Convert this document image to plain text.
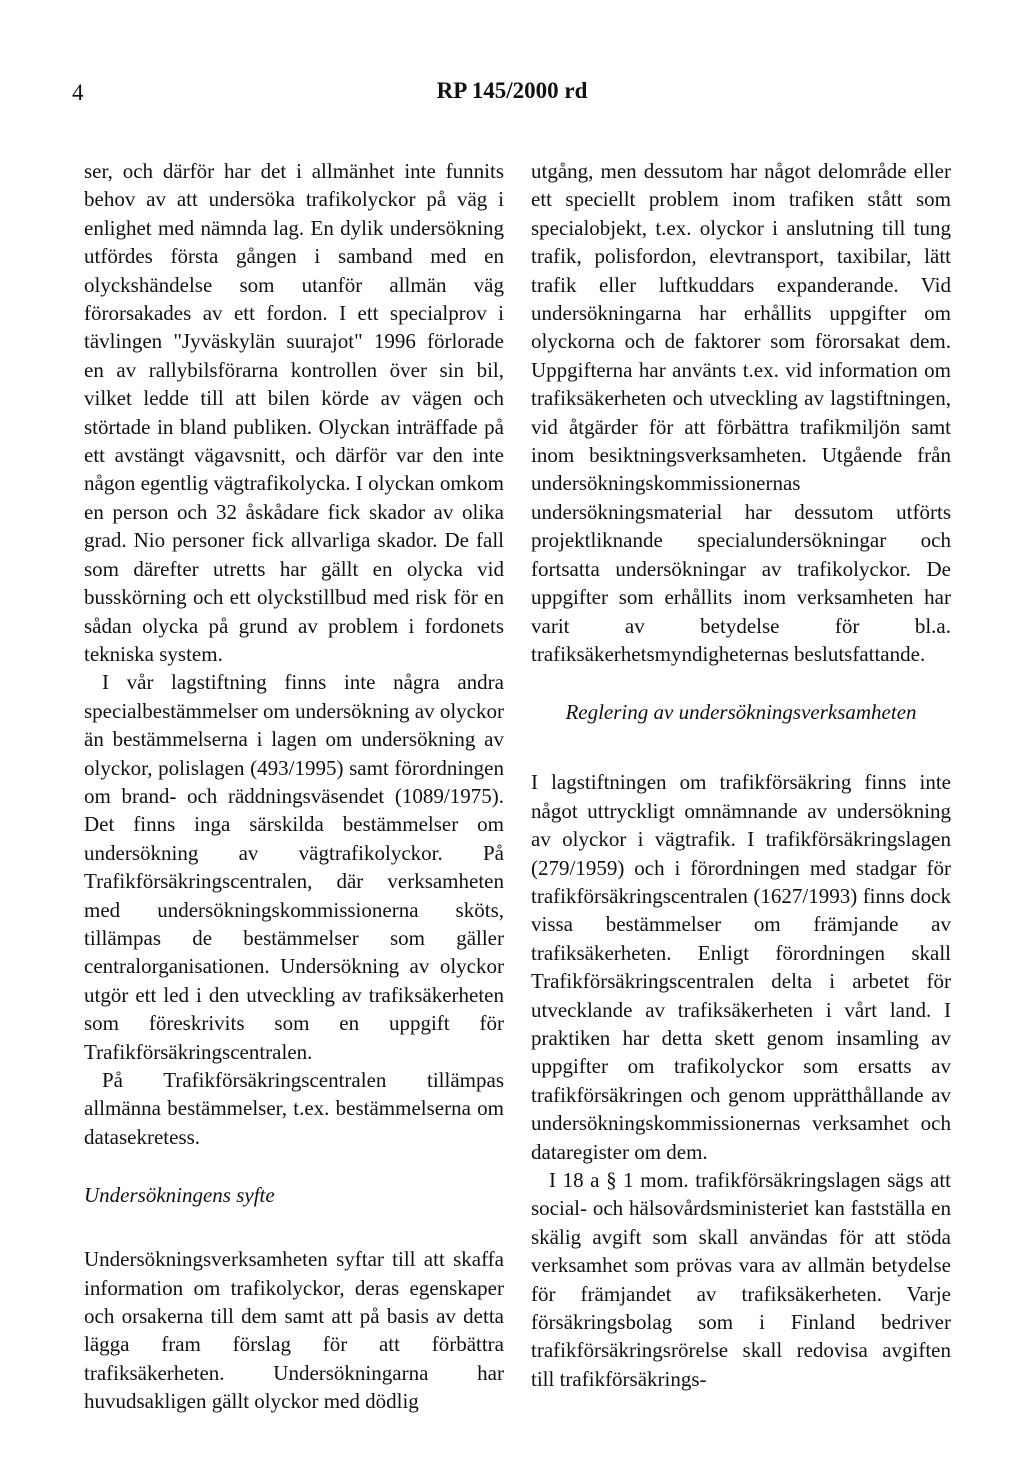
4	RP 145/2000 rd

ser, och därför har det i allmänhet inte funnits behov av att undersöka trafikolyckor på väg i enlighet med nämnda lag. En dylik undersökning utfördes första gången i samband med en olyckshändelse som utanför allmän väg förorsakades av ett fordon. I ett specialprov i tävlingen "Jyväskylän suurajot" 1996 förlorade en av rallybilsförarna kontrollen över sin bil, vilket ledde till att bilen körde av vägen och störtade in bland publiken. Olyckan inträffade på ett avstängt vägavsnitt, och därför var den inte någon egentlig vägtrafikolycka. I olyckan omkom en person och 32 åskådare fick skador av olika grad. Nio personer fick allvarliga skador. De fall som därefter utretts har gällt en olycka vid busskörning och ett olyckstillbud med risk för en sådan olycka på grund av problem i fordonets tekniska system.

I vår lagstiftning finns inte några andra specialbestämmelser om undersökning av olyckor än bestämmelserna i lagen om undersökning av olyckor, polislagen (493/1995) samt förordningen om brand- och räddningsväsendet (1089/1975). Det finns inga särskilda bestämmelser om undersökning av vägtrafikolyckor. På Trafikförsäkringscentralen, där verksamheten med undersökningskommissionerna sköts, tillämpas de bestämmelser som gäller centralorganisationen. Undersökning av olyckor utgör ett led i den utveckling av trafiksäkerheten som föreskrivits som en uppgift för Trafikförsäkringscentralen.

På Trafikförsäkringscentralen tillämpas allmänna bestämmelser, t.ex. bestämmelserna om datasekretess.

Undersökningens syfte

Undersökningsverksamheten syftar till att skaffa information om trafikolyckor, deras egenskaper och orsakerna till dem samt att på basis av detta lägga fram förslag för att förbättra trafiksäkerheten. Undersökningarna har huvudsakligen gällt olyckor med dödlig

utgång, men dessutom har något delområde eller ett speciellt problem inom trafiken stått som specialobjekt, t.ex. olyckor i anslutning till tung trafik, polisfordon, elevtransport, taxibilar, lätt trafik eller luftkuddars expanderande. Vid undersökningarna har erhållits uppgifter om olyckorna och de faktorer som förorsakat dem. Uppgifterna har använts t.ex. vid information om trafiksäkerheten och utveckling av lagstiftningen, vid åtgärder för att förbättra trafikmiljön samt inom besiktningsverksamheten. Utgående från undersökningskommissionernas undersökningsmaterial har dessutom utförts projektliknande specialundersökningar och fortsatta undersökningar av trafikolyckor. De uppgifter som erhållits inom verksamheten har varit av betydelse för bl.a. trafiksäkerhetsmyndigheternas beslutsfattande.

Reglering av undersökningsverksamheten

I lagstiftningen om trafikförsäkring finns inte något uttryckligt omnämnande av undersökning av olyckor i vägtrafik. I trafikförsäkringslagen (279/1959) och i förordningen med stadgar för trafikförsäkringscentralen (1627/1993) finns dock vissa bestämmelser om främjande av trafiksäkerheten. Enligt förordningen skall Trafikförsäkringscentralen delta i arbetet för utvecklande av trafiksäkerheten i vårt land. I praktiken har detta skett genom insamling av uppgifter om trafikolyckor som ersatts av trafikförsäkringen och genom upprätthållande av undersökningskommissionernas verksamhet och dataregister om dem.

I 18 a § 1 mom. trafikförsäkringslagen sägs att social- och hälsovårdsministeriet kan fastställa en skälig avgift som skall användas för att stöda verksamhet som prövas vara av allmän betydelse för främjandet av trafiksäkerheten. Varje försäkringsbolag som i Finland bedriver trafikförsäkringsrörelse skall redovisa avgiften till trafikförsäkrings-
